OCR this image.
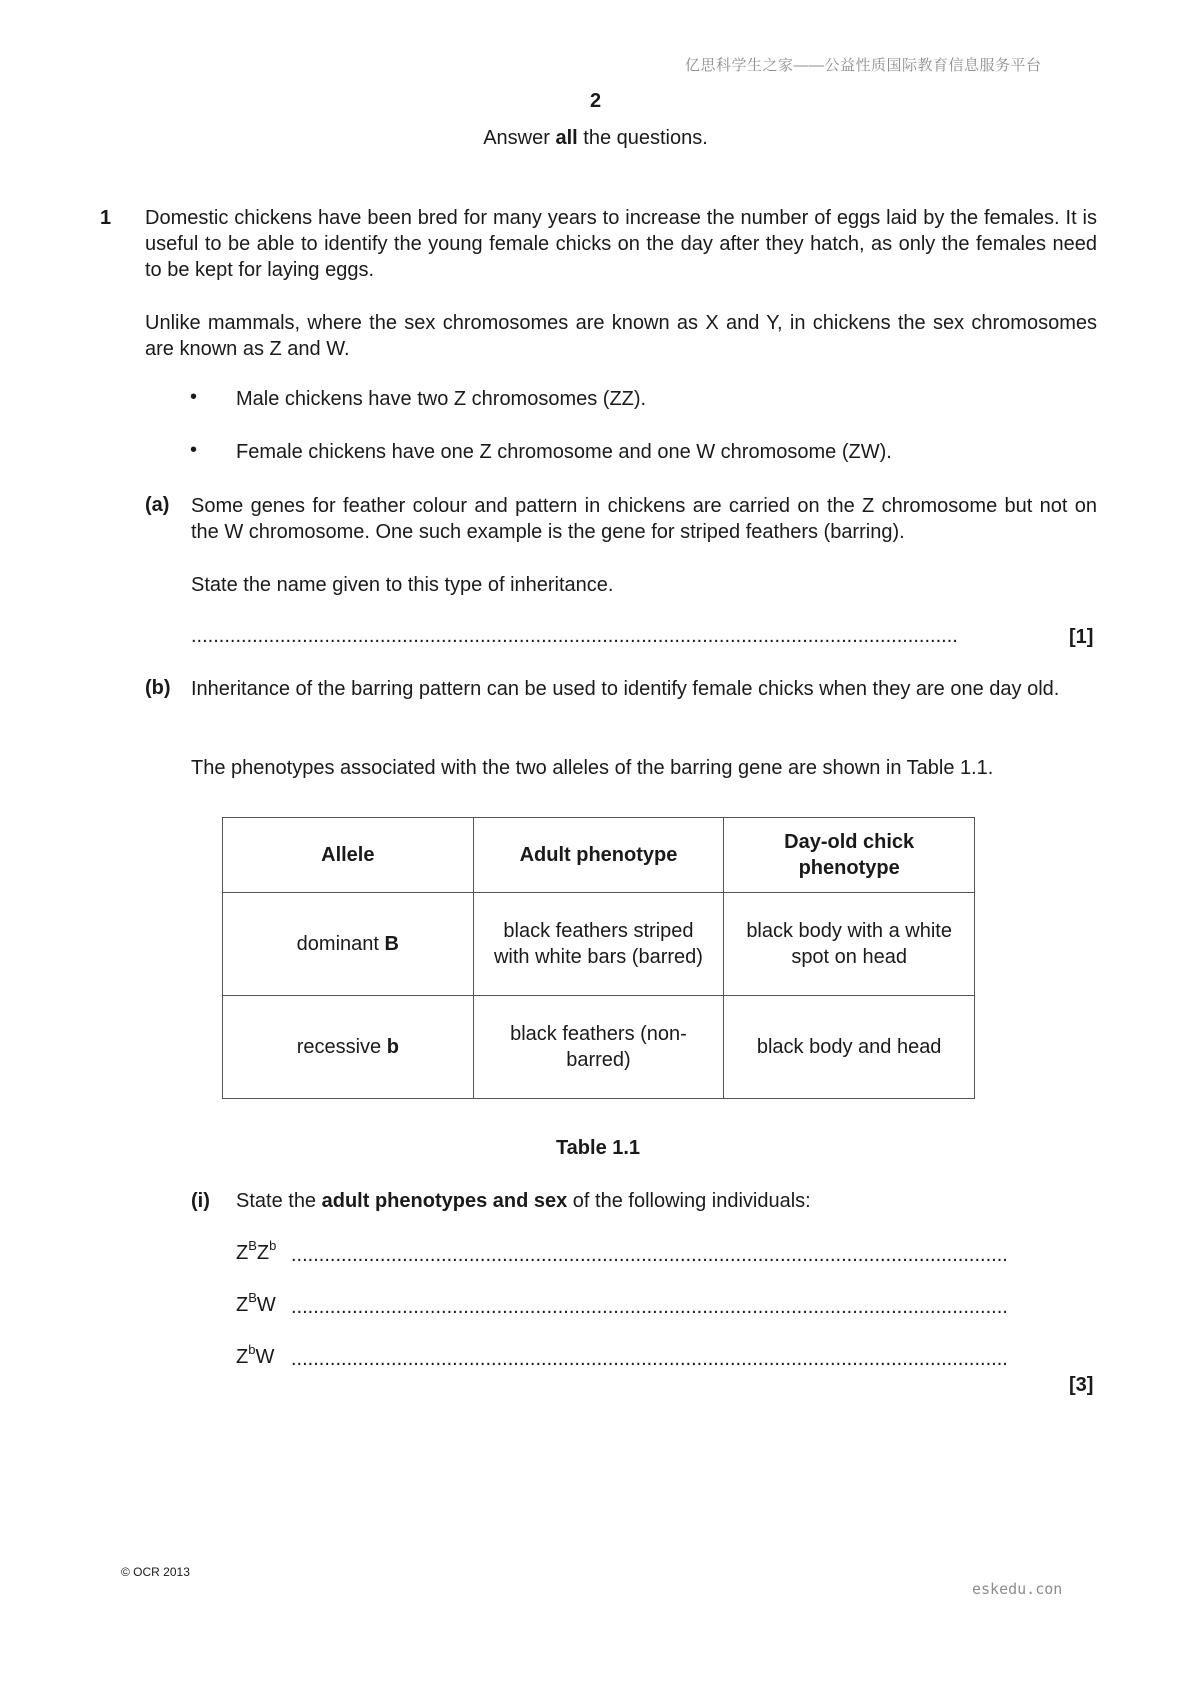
亿思科学生之家——公益性质国际教育信息服务平台
2
Answer all the questions.
1 Domestic chickens have been bred for many years to increase the number of eggs laid by the females. It is useful to be able to identify the young female chicks on the day after they hatch, as only the females need to be kept for laying eggs.
Unlike mammals, where the sex chromosomes are known as X and Y, in chickens the sex chromosomes are known as Z and W.
• Male chickens have two Z chromosomes (ZZ).
• Female chickens have one Z chromosome and one W chromosome (ZW).
(a) Some genes for feather colour and pattern in chickens are carried on the Z chromosome but not on the W chromosome. One such example is the gene for striped feathers (barring).
State the name given to this type of inheritance.
..........................................................................................................................................	[1]
(b) Inheritance of the barring pattern can be used to identify female chicks when they are one day old.
The phenotypes associated with the two alleles of the barring gene are shown in Table 1.1.
Allele	Adult phenotype	Day-old chick phenotype
dominant B	black feathers striped with white bars (barred)	black body with a white spot on head
recessive b	black feathers (non-barred)	black body and head
Table 1.1
(i) State the adult phenotypes and sex of the following individuals:
$Z^BZ^b$ .................................................................................................................................
$Z^BW$ .................................................................................................................................
$Z^bW$ .................................................................................................................................
[3]
© OCR 2013
eskedu.con
